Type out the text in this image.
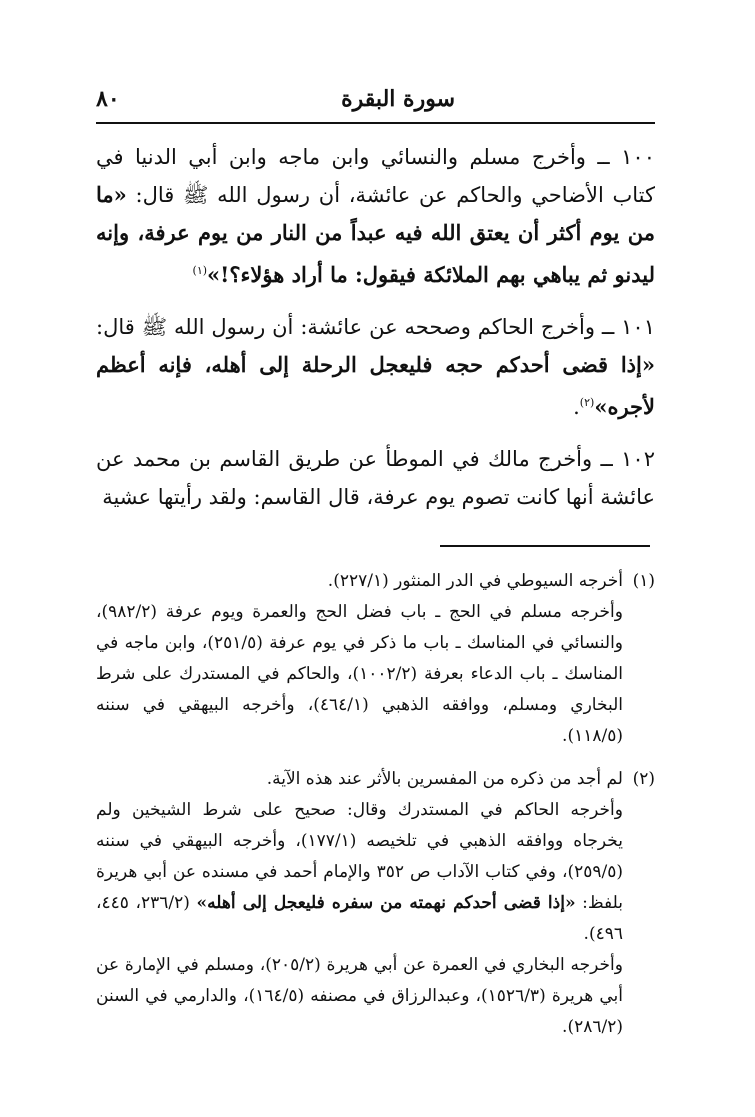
٨٠	سورة البقرة
١٠٠ ــ وأخرج مسلم والنسائي وابن ماجه وابن أبي الدنيا في كتاب الأضاحي والحاكم عن عائشة، أن رسول الله ﷺ قال: «ما من يوم أكثر أن يعتق الله فيه عبداً من النار من يوم عرفة، وإنه ليدنو ثم يباهي بهم الملائكة فيقول: ما أراد هؤلاء؟!»$^{(١)}$
١٠١ ــ وأخرج الحاكم وصححه عن عائشة: أن رسول الله ﷺ قال: «إذا قضى أحدكم حجه فليعجل الرحلة إلى أهله، فإنه أعظم لأجره»$^{(٢)}$.
١٠٢ ــ وأخرج مالك في الموطأ عن طريق القاسم بن محمد عن عائشة أنها كانت تصوم يوم عرفة، قال القاسم: ولقد رأيتها عشية
(١)أخرجه السيوطي في الدر المنثور (٢٢٧/١).
وأخرجه مسلم في الحج ـ باب فضل الحج والعمرة ويوم عرفة (٩٨٢/٢)، والنسائي في المناسك ـ باب ما ذكر في يوم عرفة (٢٥١/٥)، وابن ماجه في المناسك ـ باب الدعاء بعرفة (١٠٠٢/٢)، والحاكم في المستدرك على شرط البخاري ومسلم، ووافقه الذهبي (٤٦٤/١)، وأخرجه البيهقي في سننه (١١٨/٥).
(٢)لم أجد من ذكره من المفسرين بالأثر عند هذه الآية.
وأخرجه الحاكم في المستدرك وقال: صحيح على شرط الشيخين ولم يخرجاه ووافقه الذهبي في تلخيصه (١٧٧/١)، وأخرجه البيهقي في سننه (٢٥٩/٥)، وفي كتاب الآداب ص ٣٥٢ والإمام أحمد في مسنده عن أبي هريرة بلفظ: «إذا قضى أحدكم نهمته من سفره فليعجل إلى أهله» (٢٣٦/٢، ٤٤٥، ٤٩٦).
وأخرجه البخاري في العمرة عن أبي هريرة (٢٠٥/٢)، ومسلم في الإمارة عن أبي هريرة (١٥٢٦/٣)، وعبدالرزاق في مصنفه (١٦٤/٥)، والدارمي في السنن (٢٨٦/٢).
